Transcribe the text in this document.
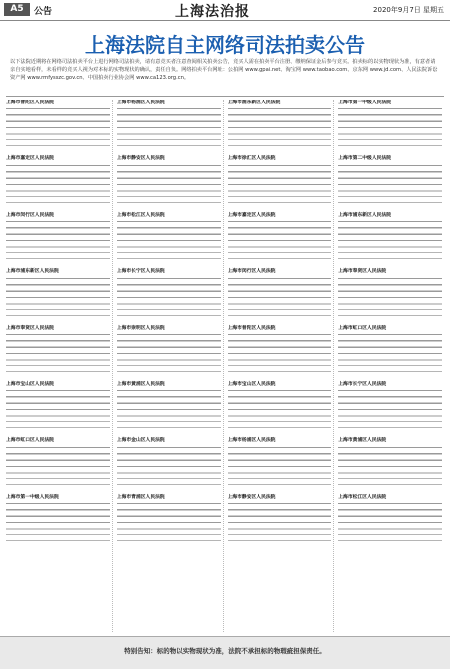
A5	公告	上海法治报	2020年9月7日 星期五
上海法院自主网络司法拍卖公告
以下法院近期将在网络司法拍卖平台上进行网络司法拍卖，请有意竞买者注意查阅相关拍卖公告，竞买人需在拍卖平台注册、缴纳保证金后参与竞买。拍卖标的以实物现状为准，有意者请亲自实地看样，未看样的竞买人视为对本标的实物现状的确认，责任自负。网络拍卖平台网址：公拍网 www.gpai.net、淘宝网 www.taobao.com、京东网 www.jd.com、人民法院诉讼资产网 www.rmfysszc.gov.cn、中国拍卖行业协会网 www.ca123.org.cn。
上海市普陀区人民法院
上海市嘉定区人民法院
上海市闵行区人民法院
上海市浦东新区人民法院
上海市奉贤区人民法院
上海市宝山区人民法院
上海市虹口区人民法院
上海市第一中级人民法院
上海市杨浦区人民法院
上海市静安区人民法院
上海市松江区人民法院
上海市长宁区人民法院
上海市崇明区人民法院
上海市黄浦区人民法院
上海市金山区人民法院
上海市青浦区人民法院
上海市浦东新区人民法院
上海市徐汇区人民法院
上海市嘉定区人民法院
上海市闵行区人民法院
上海市普陀区人民法院
上海市宝山区人民法院
上海市杨浦区人民法院
上海市静安区人民法院
上海市第一中级人民法院
上海市第二中级人民法院
上海市浦东新区人民法院
上海市奉贤区人民法院
上海市虹口区人民法院
上海市长宁区人民法院
上海市黄浦区人民法院
上海市松江区人民法院
特别告知：标的物以实物现状为准，法院不承担标的物瑕疵担保责任。
